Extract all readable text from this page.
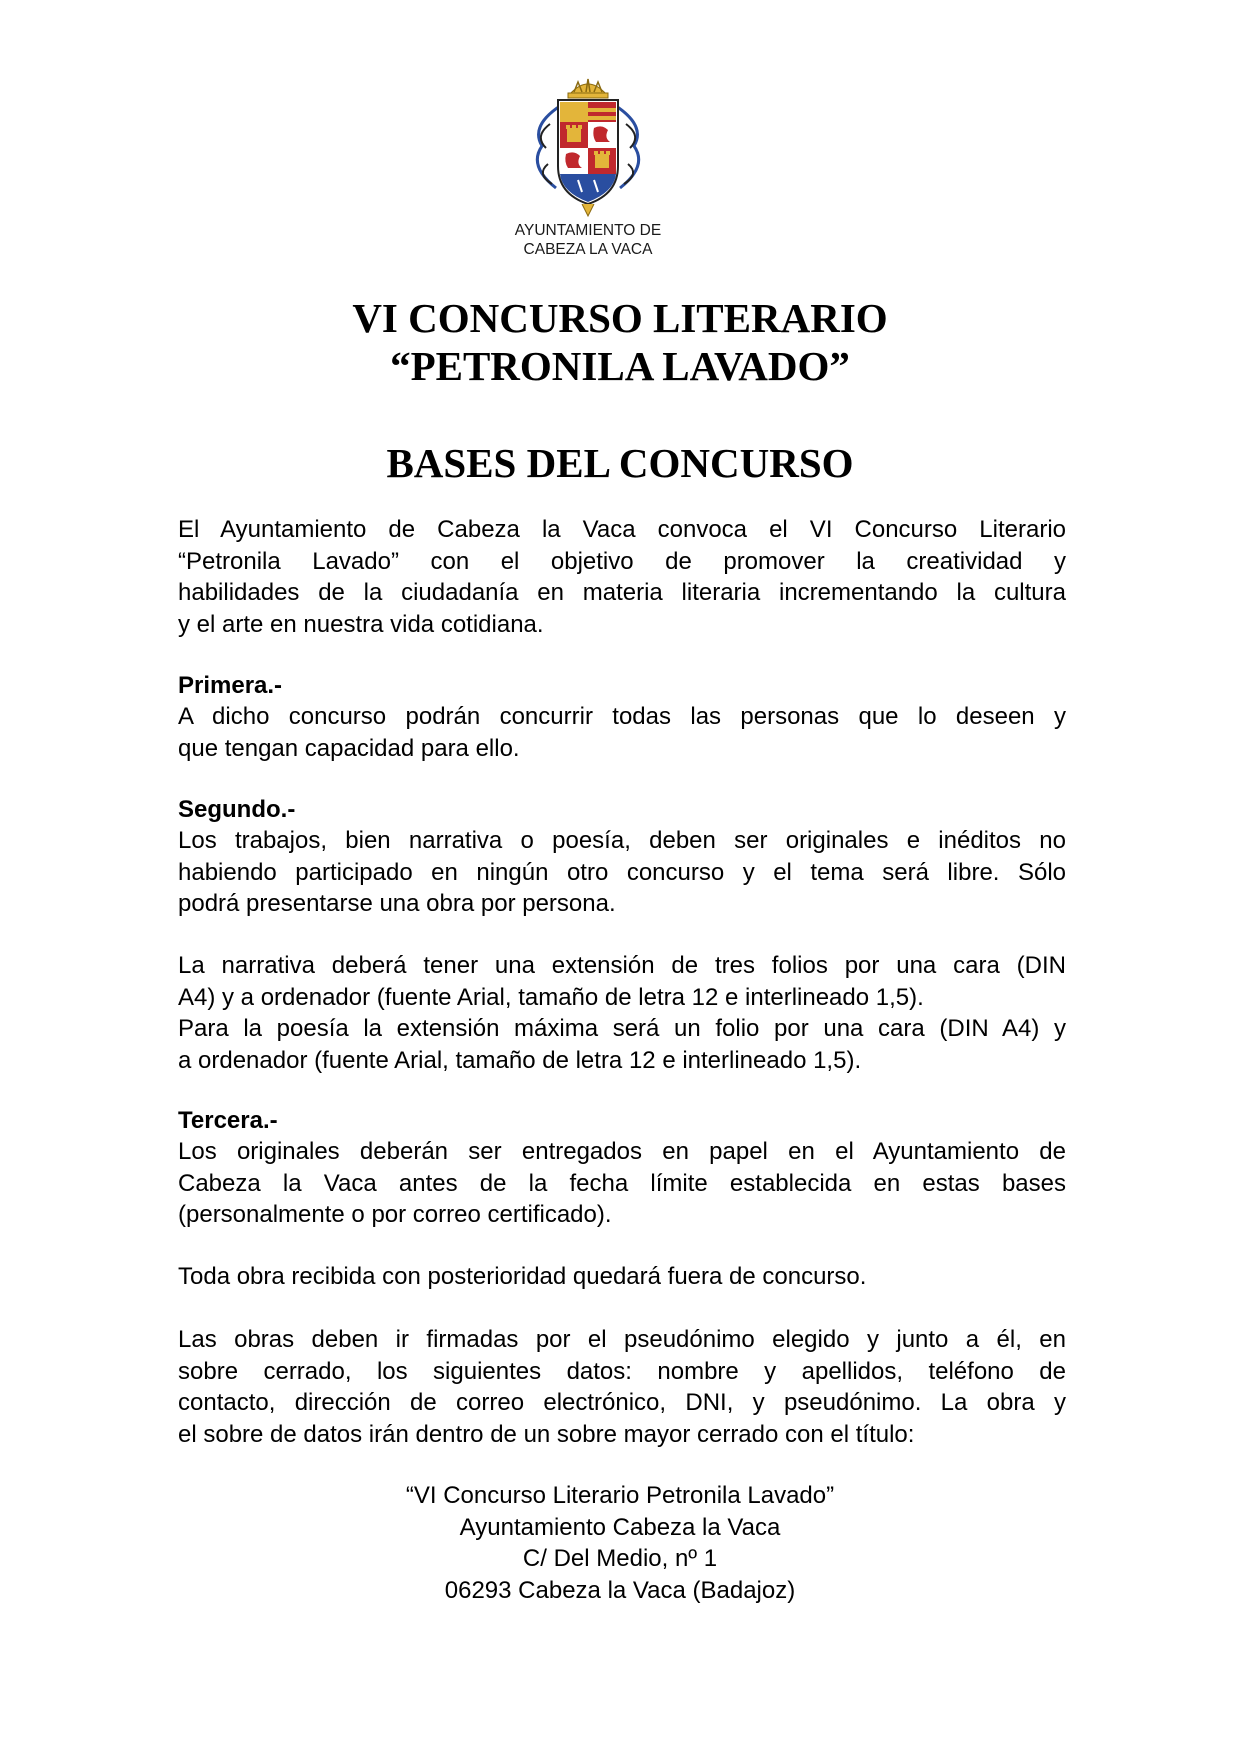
AYUNTAMIENTO DE
CABEZA LA VACA
VI CONCURSO LITERARIO
“PETRONILA LAVADO”
BASES DEL CONCURSO

El Ayuntamiento de Cabeza la Vaca convoca el VI Concurso Literario
“Petronila Lavado” con el objetivo de promover la creatividad y
habilidades de la ciudadanía en materia literaria incrementando la cultura
y el arte en nuestra vida cotidiana.

Primera.-

A dicho concurso podrán concurrir todas las personas que lo deseen y
que tengan capacidad para ello.

Segundo.-

Los trabajos, bien narrativa o poesía, deben ser originales e inéditos no
habiendo participado en ningún otro concurso y el tema será libre. Sólo
podrá presentarse una obra por persona.

La narrativa deberá tener una extensión de tres folios por una cara (DIN
A4) y a ordenador (fuente Arial, tamaño de letra 12 e interlineado 1,5).
Para la poesía la extensión máxima será un folio por una cara (DIN A4) y
a ordenador (fuente Arial, tamaño de letra 12 e interlineado 1,5).

Tercera.-

Los originales deberán ser entregados en papel en el Ayuntamiento de
Cabeza la Vaca antes de la fecha límite establecida en estas bases
(personalmente o por correo certificado).

Toda obra recibida con posterioridad quedará fuera de concurso.

Las obras deben ir firmadas por el pseudónimo elegido y junto a él, en
sobre cerrado, los siguientes datos: nombre y apellidos, teléfono de
contacto, dirección de correo electrónico, DNI, y pseudónimo. La obra y
el sobre de datos irán dentro de un sobre mayor cerrado con el título:

“VI Concurso Literario Petronila Lavado”
Ayuntamiento Cabeza la Vaca
C/ Del Medio, nº 1
06293 Cabeza la Vaca (Badajoz)
